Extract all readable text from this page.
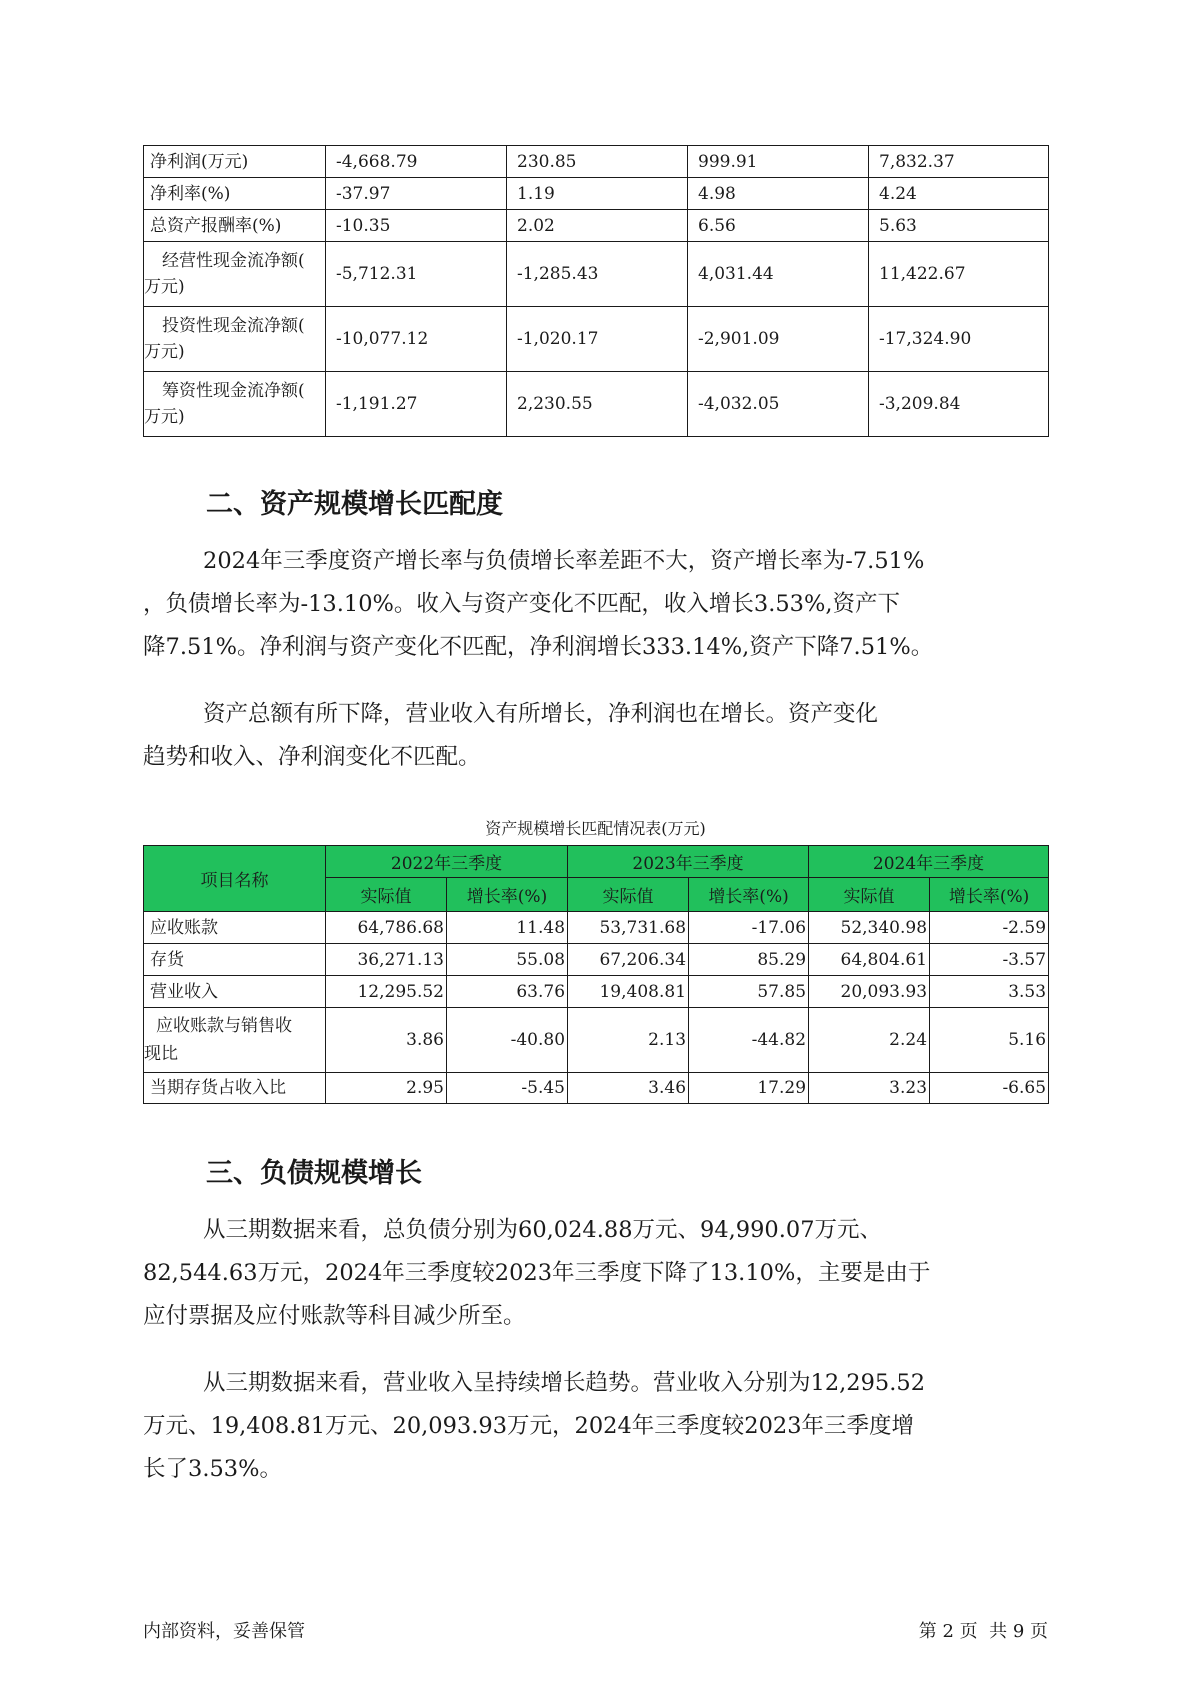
净利润(万元)	-4,668.79	230.85	999.91	7,832.37
净利率(%)	-37.97	1.19	4.98	4.24
总资产报酬率(%)	-10.35	2.02	6.56	5.63

经营性现金流净额(
万元)	-5,712.31	-1,285.43	4,031.44	11,422.67

投资性现金流净额(
万元)	-10,077.12	-1,020.17	-2,901.09	-17,324.90

筹资性现金流净额(
万元)	-1,191.27	2,230.55	-4,032.05	-3,209.84
二、资产规模增长匹配度
2024年三季度资产增长率与负债增长率差距不大，资产增长率为-7.51%
，负债增长率为-13.10%。收入与资产变化不匹配，收入增长3.53%,资产下
降7.51%。净利润与资产变化不匹配，净利润增长333.14%,资产下降7.51%。
资产总额有所下降，营业收入有所增长，净利润也在增长。资产变化
趋势和收入、净利润变化不匹配。
资产规模增长匹配情况表(万元)
项目名称	2022年三季度		2023年三季度		2024年三季度	
	实际值	增长率(%)	实际值	增长率(%)	实际值	增长率(%)
应收账款	64,786.68	11.48	53,731.68	-17.06	52,340.98	-2.59
存货	36,271.13	55.08	67,206.34	85.29	64,804.61	-3.57
营业收入	12,295.52	63.76	19,408.81	57.85	20,093.93	3.53

应收账款与销售收
现比	3.86	-40.80	2.13	-44.82	2.24	5.16
当期存货占收入比	2.95	-5.45	3.46	17.29	3.23	-6.65
三、负债规模增长
从三期数据来看，总负债分别为60,024.88万元、94,990.07万元、
82,544.63万元，2024年三季度较2023年三季度下降了13.10%，主要是由于
应付票据及应付账款等科目减少所至。
从三期数据来看，营业收入呈持续增长趋势。营业收入分别为12,295.52
万元、19,408.81万元、20,093.93万元，2024年三季度较2023年三季度增
长了3.53%。
内部资料，妥善保管	第 2 页  共 9 页
